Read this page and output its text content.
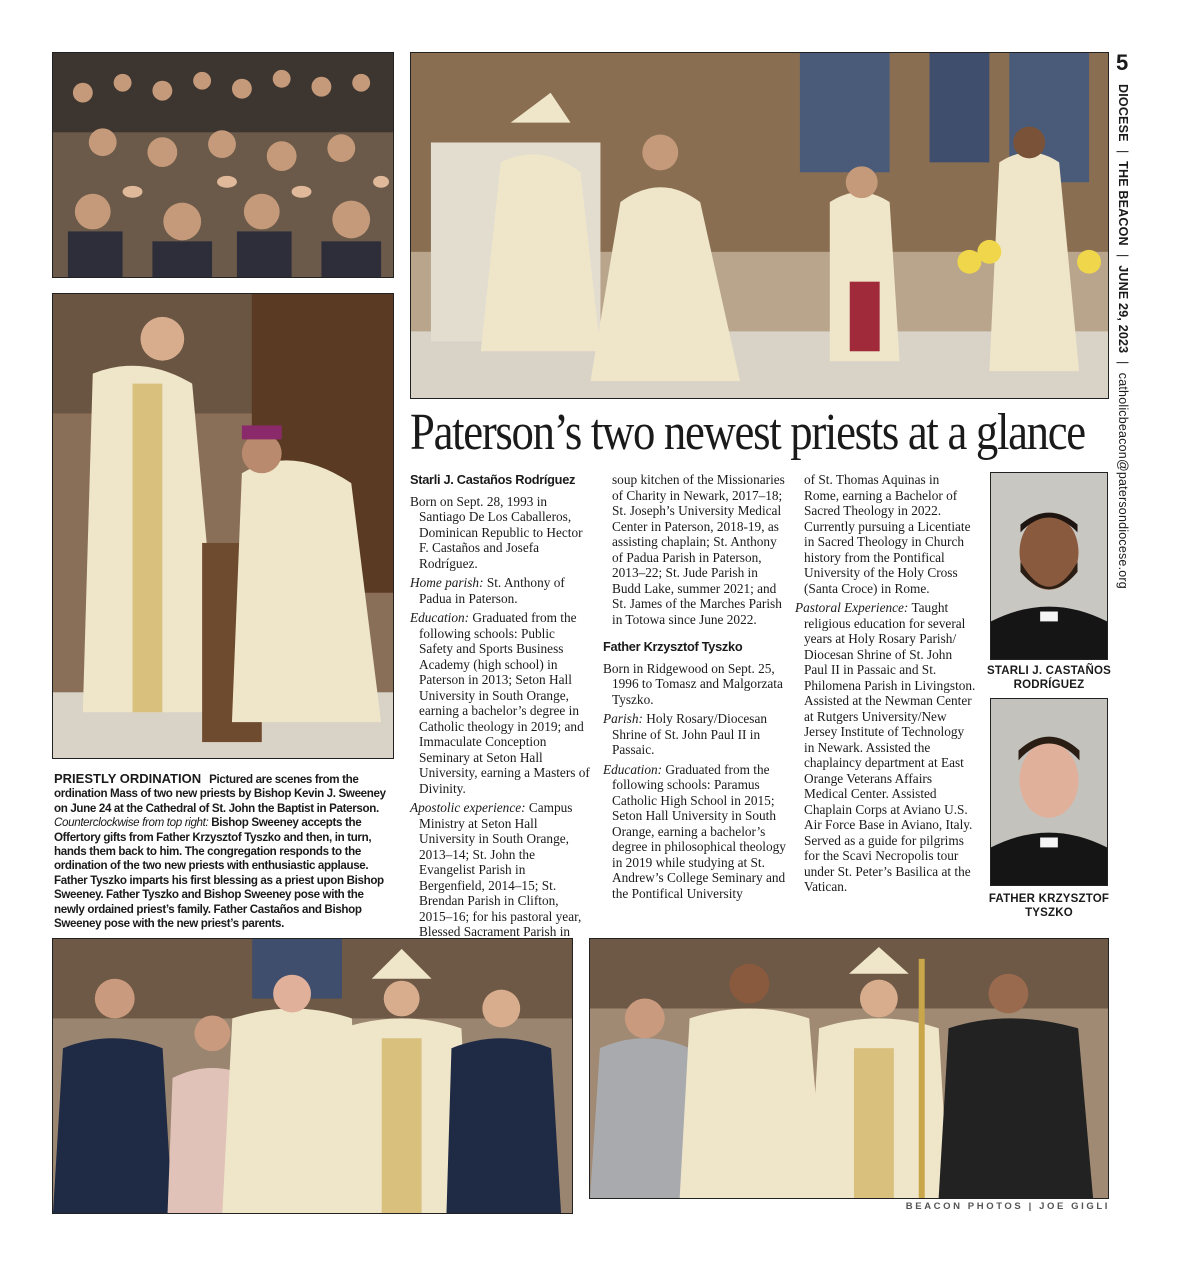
5
DIOCESE|THE BEACON|JUNE 29, 2023|catholicbeacon@patersondiocese.org
Paterson’s two newest priests at a glance
Starli J. Castaños Rodríguez

Born on Sept. 28, 1993 in Santiago De Los Caballeros, Dominican Republic to Hector F. Castaños and Josefa Rodríguez.

Home parish: St. Anthony of Padua in Paterson.

Education: Graduated from the following schools: Public Safety and Sports Business Academy (high school) in Paterson in 2013; Seton Hall University in South Orange, earning a bachelor’s degree in Catholic theology in 2019; and Immaculate Conception Seminary at Seton Hall University, earning a Masters of Divinity.

Apostolic experience: Campus Ministry at Seton Hall University in South Orange, 2013–14; St. John the Evangelist Parish in Bergenfield, 2014–15; St. Brendan Parish in Clifton, 2015–16; for his pastoral year, Blessed Sacrament Parish in

soup kitchen of the Missionaries of Charity in Newark, 2017–18; St. Joseph’s University Medical Center in Paterson, 2018-19, as assisting chaplain; St. Anthony of Padua Parish in Paterson, 2013–22; St. Jude Parish in Budd Lake, summer 2021; and St. James of the Marches Parish in Totowa since June 2022.

Father Krzysztof Tyszko

Born in Ridgewood on Sept. 25, 1996 to Tomasz and Malgorzata Tyszko.

Parish: Holy Rosary/Diocesan Shrine of St. John Paul II in Passaic.

Education: Graduated from the following schools: Paramus Catholic High School in 2015; Seton Hall University in South Orange, earning a bachelor’s degree in philosophical theology in 2019 while studying at St. Andrew’s College Seminary and the Pontifical University

of St. Thomas Aquinas in Rome, earning a Bachelor of Sacred Theology in 2022. Currently pursuing a Licentiate in Sacred Theology in Church history from the Pontifical University of the Holy Cross (Santa Croce) in Rome.

Pastoral Experience: Taught religious education for several years at Holy Rosary Parish/ Diocesan Shrine of St. John Paul II in Passaic and St. Philomena Parish in Livingston. Assisted at the Newman Center at Rutgers University/New Jersey Institute of Technology in Newark. Assisted the chaplaincy department at East Orange Veterans Affairs Medical Center. Assisted Chaplain Corps at Aviano U.S. Air Force Base in Aviano, Italy. Served as a guide for pilgrims for the Scavi Necropolis tour under St. Peter’s Basilica at the Vatican.

STARLI J. CASTAÑOS RODRÍGUEZ
FATHER KRZYSZTOF TYSZKO
PRIESTLY ORDINATION Pictured are scenes from the ordination Mass of two new priests by Bishop Kevin J. Sweeney on June 24 at the Cathedral of St. John the Baptist in Paterson. Counterclockwise from top right: Bishop Sweeney accepts the Offertory gifts from Father Krzysztof Tyszko and then, in turn, hands them back to him. The congregation responds to the ordination of the two new priests with enthusiastic applause. Father Tyszko imparts his first blessing as a priest upon Bishop Sweeney. Father Tyszko and Bishop Sweeney pose with the newly ordained priest’s family. Father Castaños and Bishop Sweeney pose with the new priest’s parents.
BEACON PHOTOS | JOE GIGLI
